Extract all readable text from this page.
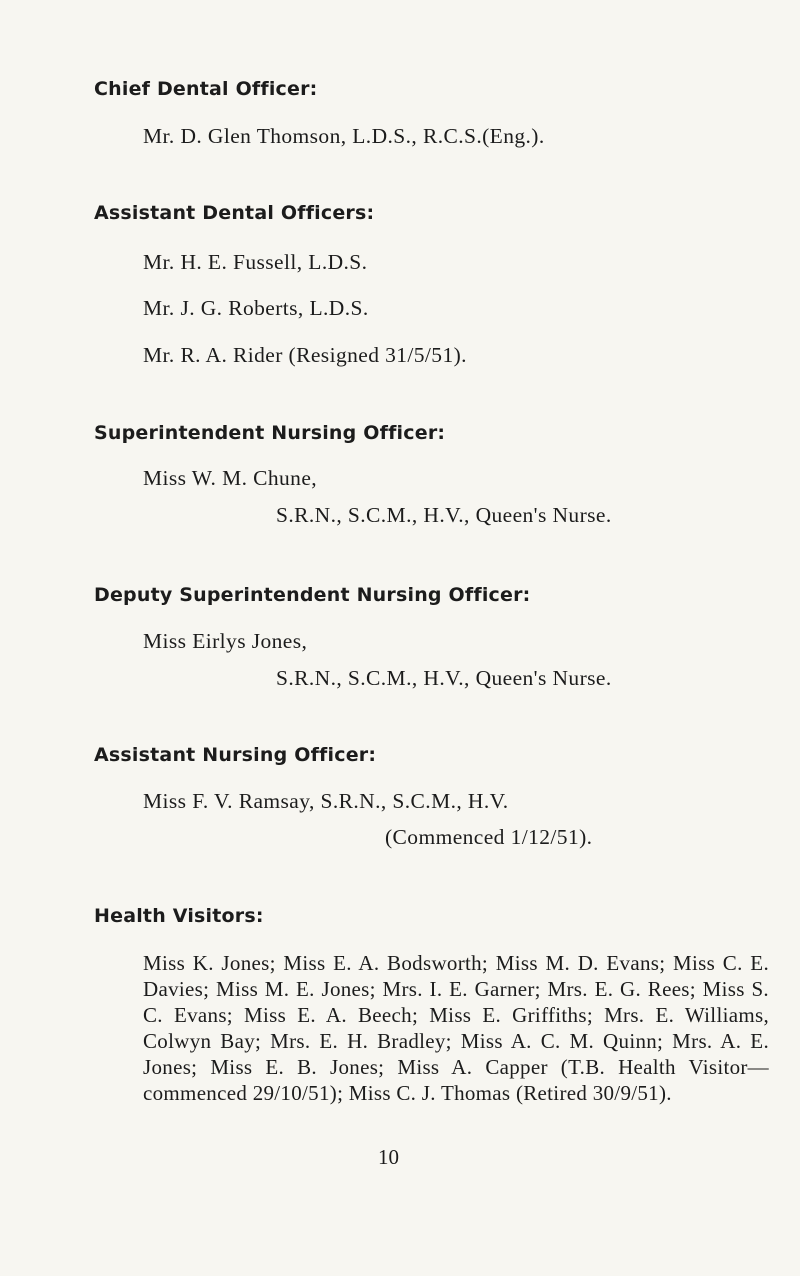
Chief Dental Officer:
Mr. D. Glen Thomson, L.D.S., R.C.S.(Eng.).
Assistant Dental Officers:
Mr. H. E. Fussell, L.D.S.
Mr. J. G. Roberts, L.D.S.
Mr. R. A. Rider (Resigned 31/5/51).
Superintendent Nursing Officer:
Miss W. M. Chune,
S.R.N., S.C.M., H.V., Queen's Nurse.
Deputy Superintendent Nursing Officer:
Miss Eirlys Jones,
S.R.N., S.C.M., H.V., Queen's Nurse.
Assistant Nursing Officer:
Miss F. V. Ramsay, S.R.N., S.C.M., H.V.
(Commenced 1/12/51).
Health Visitors:
Miss K. Jones; Miss E. A. Bodsworth; Miss M. D. Evans; Miss C. E. Davies; Miss M. E. Jones; Mrs. I. E. Garner; Mrs. E. G. Rees; Miss S. C. Evans; Miss E. A. Beech; Miss E. Griffiths; Mrs. E. Williams, Colwyn Bay; Mrs. E. H. Bradley; Miss A. C. M. Quinn; Mrs. A. E. Jones; Miss E. B. Jones; Miss A. Capper (T.B. Health Visitor— commenced 29/10/51); Miss C. J. Thomas (Retired 30/9/51).
10
